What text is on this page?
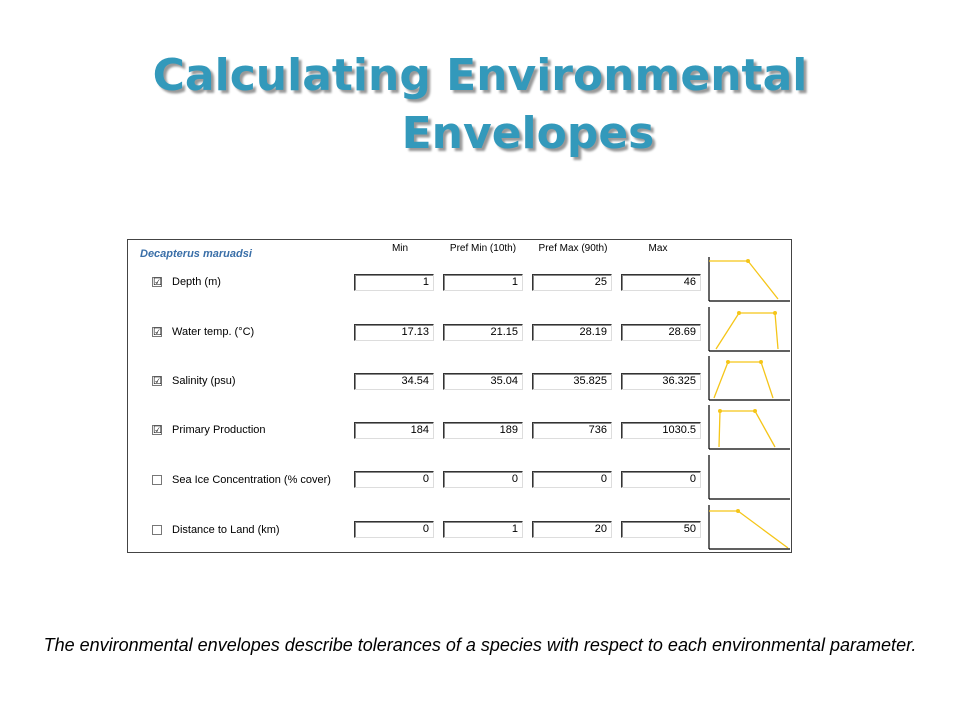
Calculating Environmental
Envelopes
Decapterus maruadsi	Min	Pref Min (10th)	Pref Max (90th)	Max
☑ Depth (m)	1	1	25	46
☑ Water temp. (°C)	17.13	21.15	28.19	28.69
☑ Salinity (psu)	34.54	35.04	35.825	36.325
☑ Primary Production	184	189	736	1030.5
Sea Ice Concentration (% cover)	0	0	0	0
Distance to Land (km)	0	1	20	50
The environmental envelopes describe tolerances of a species with respect to each environmental parameter.
